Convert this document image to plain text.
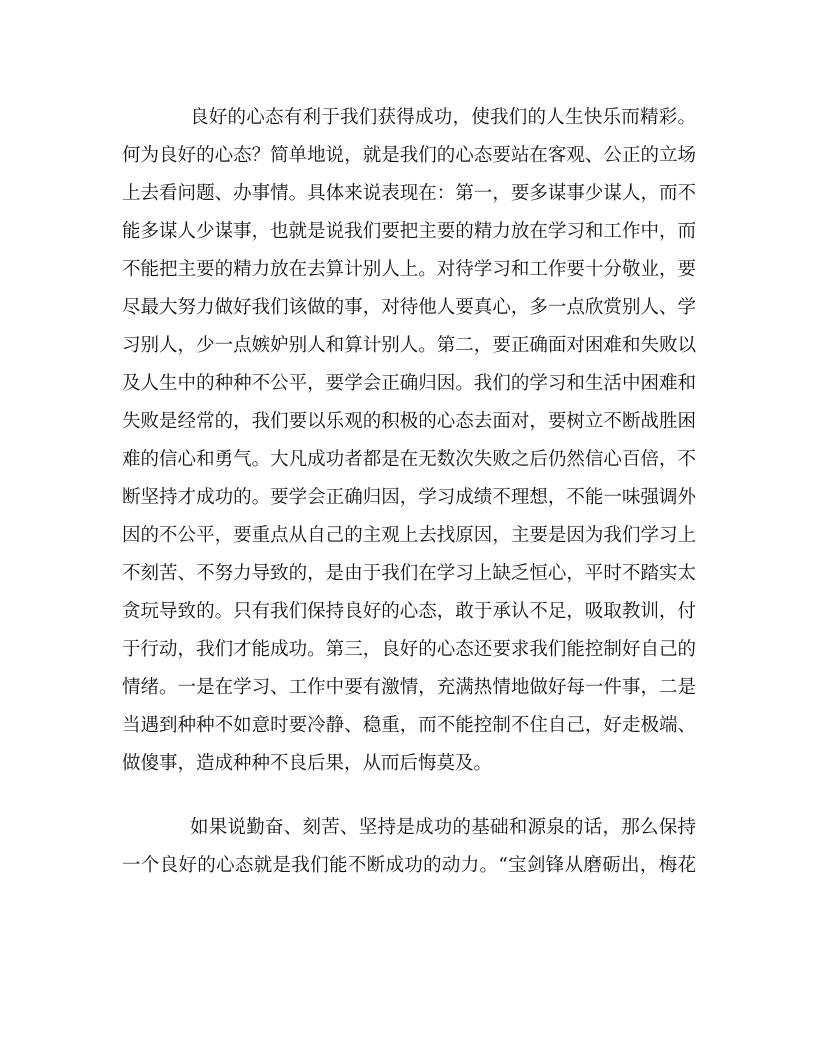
良好的心态有利于我们获得成功，使我们的人生快乐而精彩。
何为良好的心态？简单地说，就是我们的心态要站在客观、公正的立场
上去看问题、办事情。具体来说表现在：第一，要多谋事少谋人，而不
能多谋人少谋事，也就是说我们要把主要的精力放在学习和工作中，而
不能把主要的精力放在去算计别人上。对待学习和工作要十分敬业，要
尽最大努力做好我们该做的事，对待他人要真心，多一点欣赏别人、学
习别人，少一点嫉妒别人和算计别人。第二，要正确面对困难和失败以
及人生中的种种不公平，要学会正确归因。我们的学习和生活中困难和
失败是经常的，我们要以乐观的积极的心态去面对，要树立不断战胜困
难的信心和勇气。大凡成功者都是在无数次失败之后仍然信心百倍，不
断坚持才成功的。要学会正确归因，学习成绩不理想，不能一味强调外
因的不公平，要重点从自己的主观上去找原因，主要是因为我们学习上
不刻苦、不努力导致的，是由于我们在学习上缺乏恒心，平时不踏实太
贪玩导致的。只有我们保持良好的心态，敢于承认不足，吸取教训，付
于行动，我们才能成功。第三，良好的心态还要求我们能控制好自己的
情绪。一是在学习、工作中要有激情，充满热情地做好每一件事，二是
当遇到种种不如意时要冷静、稳重，而不能控制不住自己，好走极端、
做傻事，造成种种不良后果，从而后悔莫及。
如果说勤奋、刻苦、坚持是成功的基础和源泉的话，那么保持
一个良好的心态就是我们能不断成功的动力。“宝剑锋从磨砺出，梅花
